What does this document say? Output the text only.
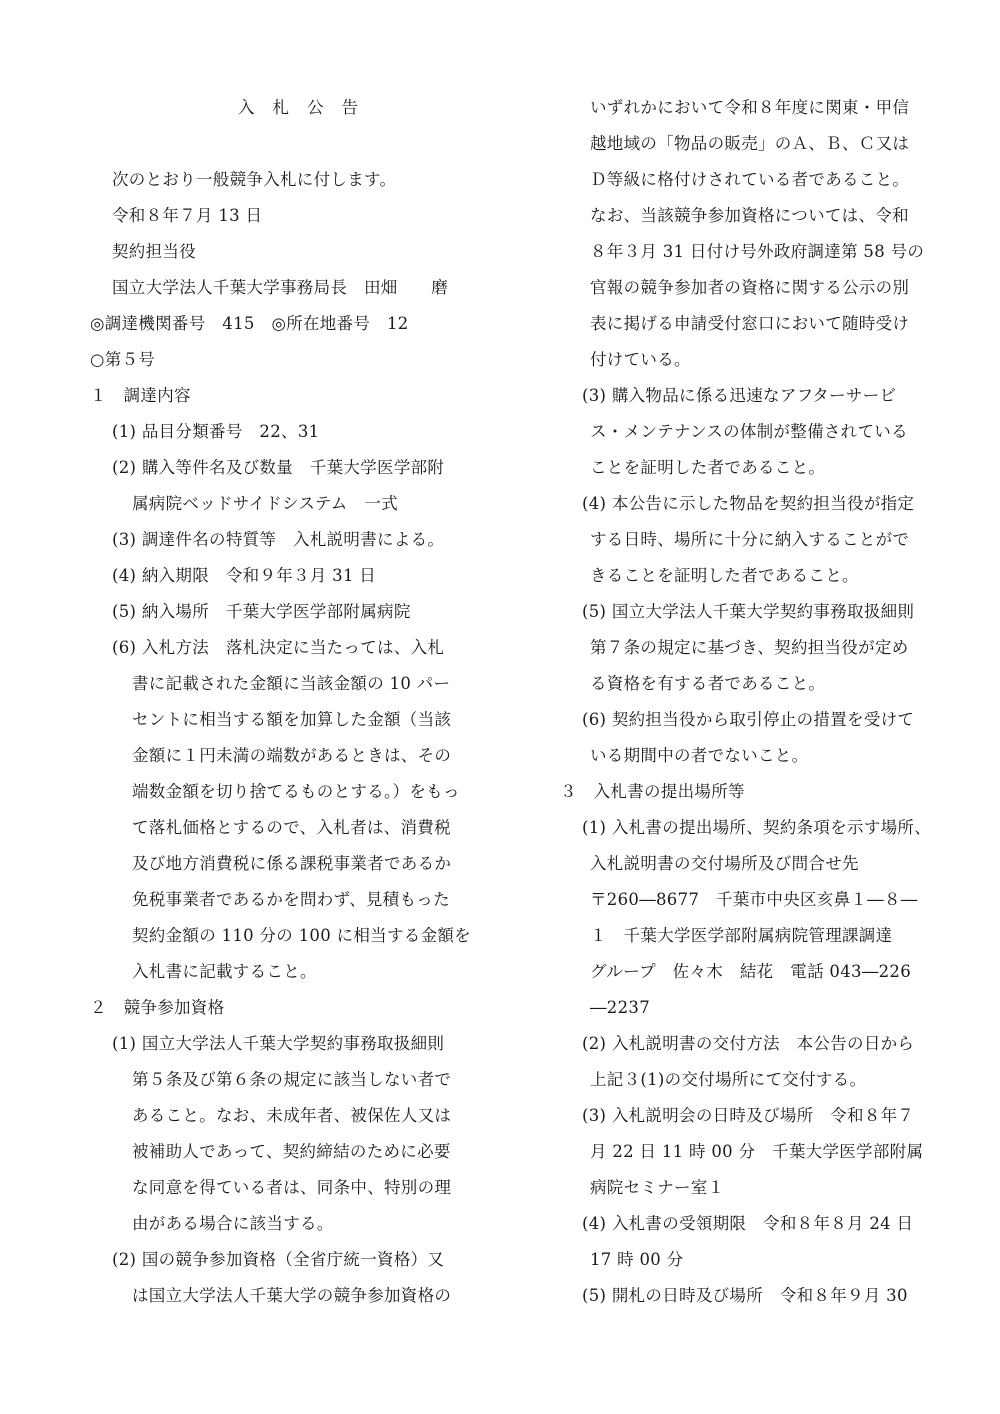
入札公告
次のとおり一般競争入札に付します。
令和８年７月 13 日
契約担当役
国立大学法人千葉大学事務局長　田畑　　磨
◎調達機関番号　415　◎所在地番号　12
○第５号
１　調達内容
(1) 品目分類番号　22、31
(2) 購入等件名及び数量　千葉大学医学部附
属病院ベッドサイドシステム　一式
(3) 調達件名の特質等　入札説明書による。
(4) 納入期限　令和９年３月 31 日
(5) 納入場所　千葉大学医学部附属病院
(6) 入札方法　落札決定に当たっては、入札
書に記載された金額に当該金額の 10 パー
セントに相当する額を加算した金額（当該
金額に１円未満の端数があるときは、その
端数金額を切り捨てるものとする。）をもっ
て落札価格とするので、入札者は、消費税
及び地方消費税に係る課税事業者であるか
免税事業者であるかを問わず、見積もった
契約金額の 110 分の 100 に相当する金額を
入札書に記載すること。
２　競争参加資格
(1) 国立大学法人千葉大学契約事務取扱細則
第５条及び第６条の規定に該当しない者で
あること。なお、未成年者、被保佐人又は
被補助人であって、契約締結のために必要
な同意を得ている者は、同条中、特別の理
由がある場合に該当する。
(2) 国の競争参加資格（全省庁統一資格）又
は国立大学法人千葉大学の競争参加資格の
いずれかにおいて令和８年度に関東・甲信
越地域の「物品の販売」のＡ、Ｂ、Ｃ又は
Ｄ等級に格付けされている者であること。
なお、当該競争参加資格については、令和
８年３月 31 日付け号外政府調達第 58 号の
官報の競争参加者の資格に関する公示の別
表に掲げる申請受付窓口において随時受け
付けている。
(3) 購入物品に係る迅速なアフターサービ
ス・メンテナンスの体制が整備されている
ことを証明した者であること。
(4) 本公告に示した物品を契約担当役が指定
する日時、場所に十分に納入することがで
きることを証明した者であること。
(5) 国立大学法人千葉大学契約事務取扱細則
第７条の規定に基づき、契約担当役が定め
る資格を有する者であること。
(6) 契約担当役から取引停止の措置を受けて
いる期間中の者でないこと。
３　入札書の提出場所等
(1) 入札書の提出場所、契約条項を示す場所、
入札説明書の交付場所及び問合せ先
〒260―8677　千葉市中央区亥鼻１―８―
１　千葉大学医学部附属病院管理課調達
グループ　佐々木　結花　電話 043―226
―2237
(2) 入札説明書の交付方法　本公告の日から
上記３(1)の交付場所にて交付する。
(3) 入札説明会の日時及び場所　令和８年７
月 22 日 11 時 00 分　千葉大学医学部附属
病院セミナー室１
(4) 入札書の受領期限　令和８年８月 24 日
17 時 00 分
(5) 開札の日時及び場所　令和８年９月 30
